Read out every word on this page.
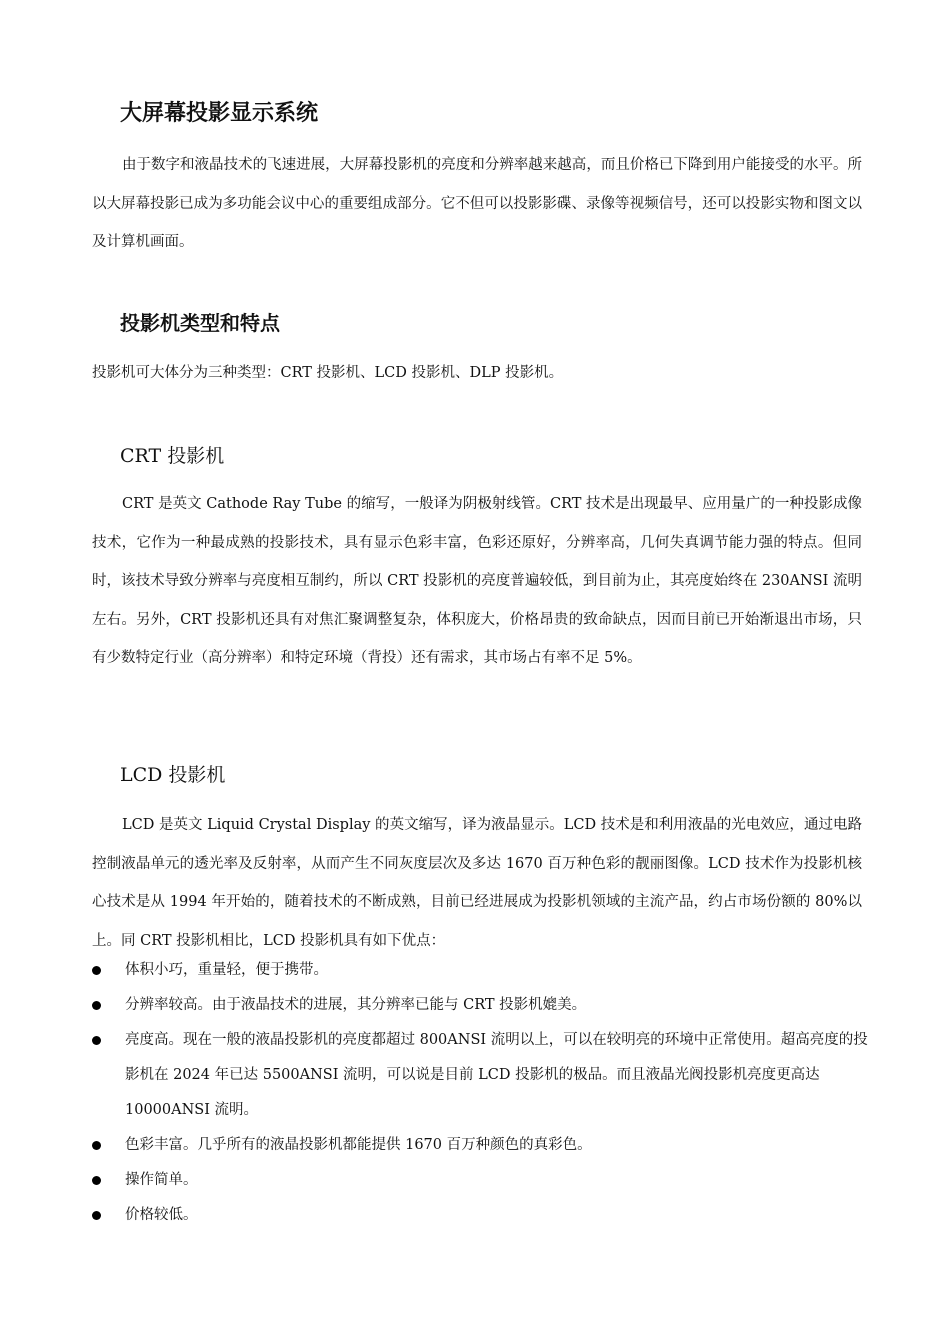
大屏幕投影显示系统

由于数字和液晶技术的飞速进展，大屏幕投影机的亮度和分辨率越来越高，而且价格已下降到用户能接受的水平。所以大屏幕投影已成为多功能会议中心的重要组成部分。它不但可以投影影碟、录像等视频信号，还可以投影实物和图文以及计算机画面。

投影机类型和特点

投影机可大体分为三种类型：CRT 投影机、LCD 投影机、DLP 投影机。

CRT 投影机

CRT 是英文 Cathode Ray Tube 的缩写，一般译为阴极射线管。CRT 技术是出现最早、应用量广的一种投影成像技术，它作为一种最成熟的投影技术，具有显示色彩丰富，色彩还原好，分辨率高，几何失真调节能力强的特点。但同时，该技术导致分辨率与亮度相互制约，所以 CRT 投影机的亮度普遍较低，到目前为止，其亮度始终在 230ANSI 流明左右。另外，CRT 投影机还具有对焦汇聚调整复杂，体积庞大，价格昂贵的致命缺点，因而目前已开始渐退出市场，只有少数特定行业（高分辨率）和特定环境（背投）还有需求，其市场占有率不足 5%。

LCD 投影机

LCD 是英文 Liquid Crystal Display 的英文缩写，译为液晶显示。LCD 技术是和利用液晶的光电效应，通过电路控制液晶单元的透光率及反射率，从而产生不同灰度层次及多达 1670 百万种色彩的靓丽图像。LCD 技术作为投影机核心技术是从 1994 年开始的，随着技术的不断成熟，目前已经进展成为投影机领域的主流产品，约占市场份额的 80%以上。同 CRT 投影机相比，LCD 投影机具有如下优点：

体积小巧，重量轻，便于携带。
分辨率较高。由于液晶技术的进展，其分辨率已能与 CRT 投影机媲美。
亮度高。现在一般的液晶投影机的亮度都超过 800ANSI 流明以上，可以在较明亮的环境中正常使用。超高亮度的投影机在 2024 年已达 5500ANSI 流明，可以说是目前 LCD 投影机的极品。而且液晶光阀投影机亮度更高达 10000ANSI 流明。
色彩丰富。几乎所有的液晶投影机都能提供 1670 百万种颜色的真彩色。
操作简单。
价格较低。
